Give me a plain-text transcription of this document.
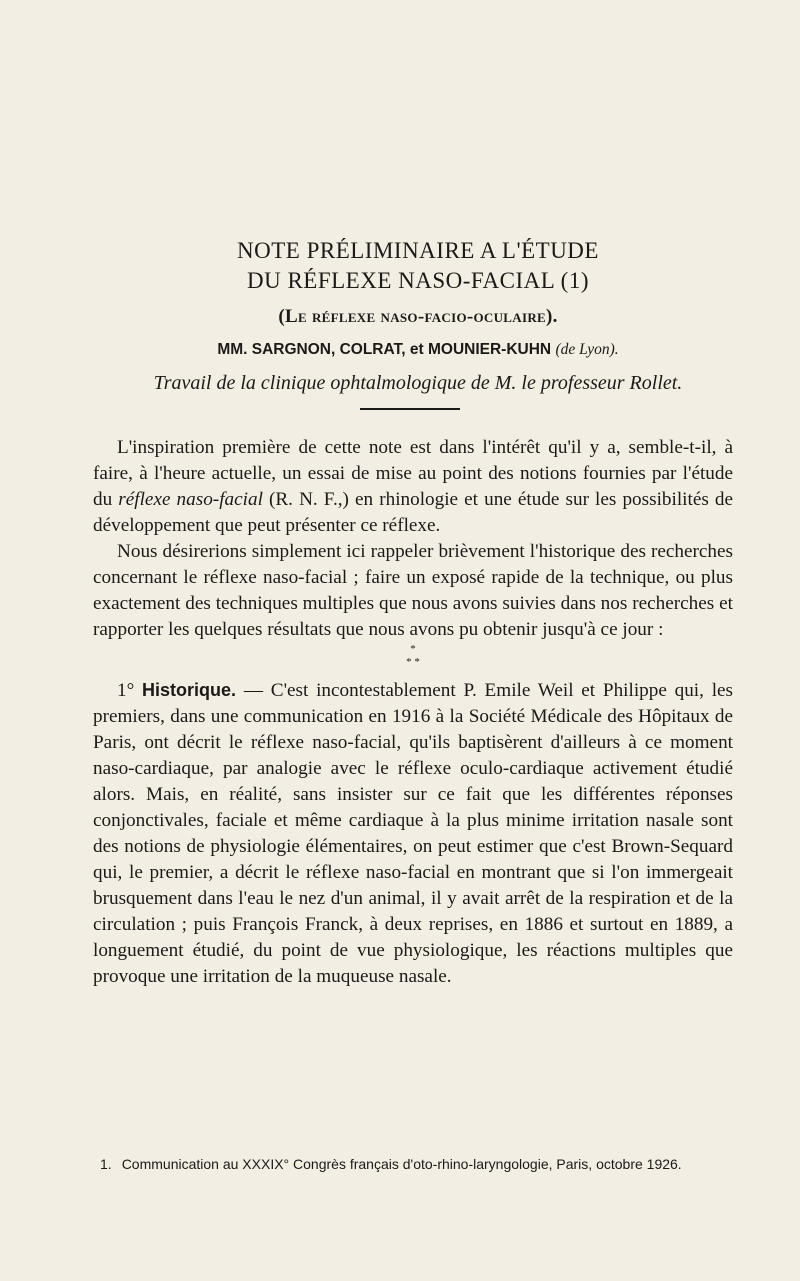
NOTE PRÉLIMINAIRE A L'ÉTUDE
DU RÉFLEXE NASO-FACIAL (1)
(Le réflexe naso-facio-oculaire).
MM. SARGNON, COLRAT, et MOUNIER-KUHN (de Lyon).
Travail de la clinique ophtalmologique de M. le professeur Rollet.

L'inspiration première de cette note est dans l'intérêt qu'il y a, semble-t-il, à faire, à l'heure actuelle, un essai de mise au point des notions fournies par l'étude du réflexe naso-facial (R. N. F.,) en rhinologie et une étude sur les possibilités de développement que peut présenter ce réflexe.

Nous désirerions simplement ici rappeler brièvement l'historique des recherches concernant le réflexe naso-facial ; faire un exposé rapide de la technique, ou plus exactement des techniques multiples que nous avons suivies dans nos recherches et rapporter les quelques résultats que nous avons pu obtenir jusqu'à ce jour :

*

* *

1° Historique. — C'est incontestablement P. Emile Weil et Philippe qui, les premiers, dans une communication en 1916 à la Société Médicale des Hôpitaux de Paris, ont décrit le réflexe naso-facial, qu'ils baptisèrent d'ailleurs à ce moment naso-cardiaque, par analogie avec le réflexe oculo-cardiaque activement étudié alors. Mais, en réalité, sans insister sur ce fait que les différentes réponses conjonctivales, faciale et même cardiaque à la plus minime irritation nasale sont des notions de physiologie élémentaires, on peut estimer que c'est Brown-Sequard qui, le premier, a décrit le réflexe naso-facial en montrant que si l'on immergeait brusquement dans l'eau le nez d'un animal, il y avait arrêt de la respiration et de la circulation ; puis François Franck, à deux reprises, en 1886 et surtout en 1889, a longuement étudié, du point de vue physiologique, les réactions multiples que provoque une irritation de la muqueuse nasale.

1. Communication au XXXIX° Congrès français d'oto-rhino-laryngologie, Paris, octobre 1926.
